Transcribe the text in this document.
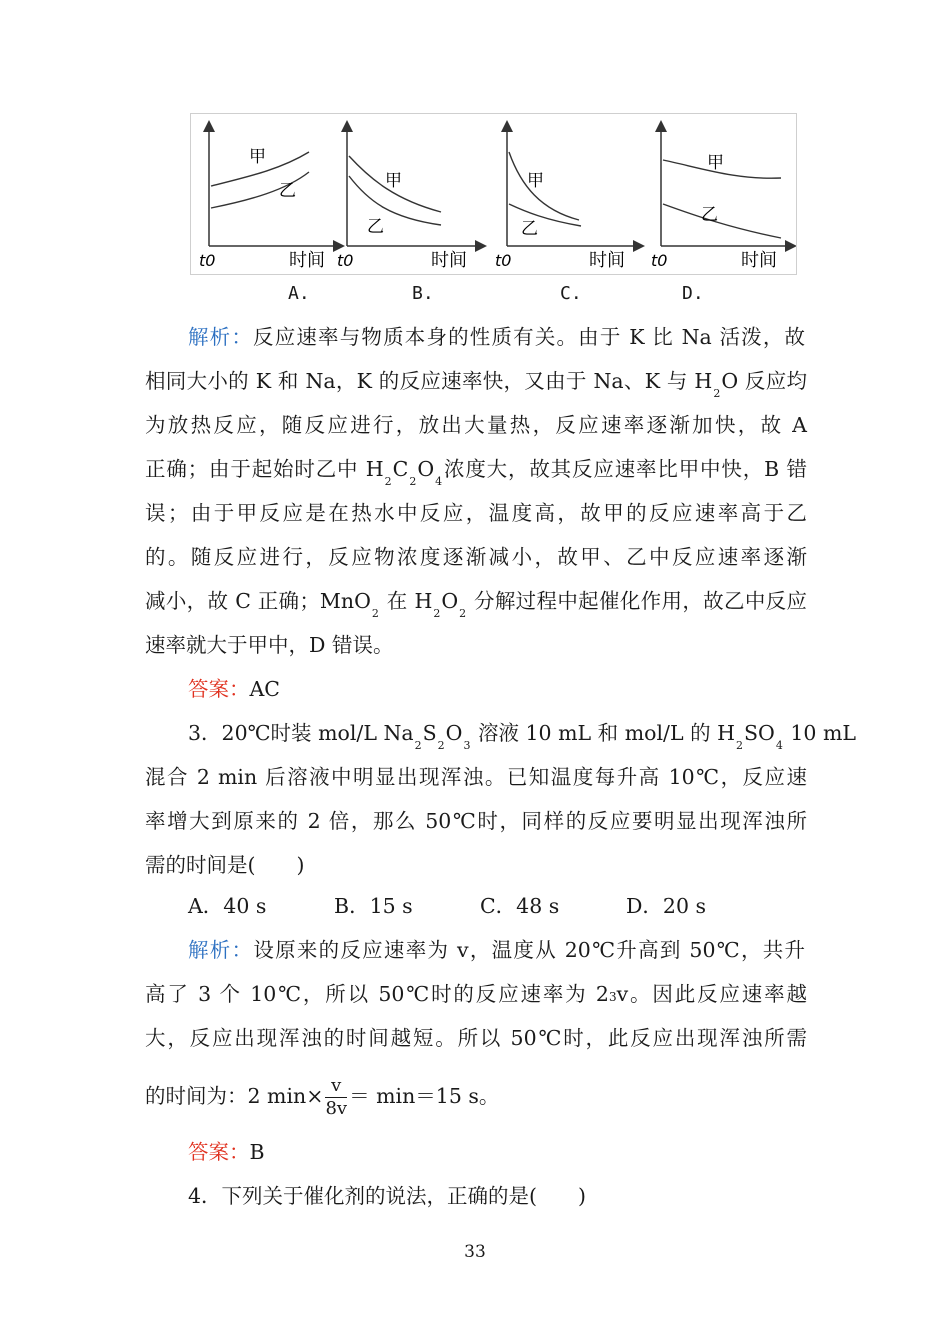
甲
乙
时间
t0
甲
乙
时间
t0
甲
乙
时间
t0
甲
乙
时间
t0
A.	B.	C.	D.
解析：反应速率与物质本身的性质有关。由于 K 比 Na 活泼，故
相同大小的 K 和 Na，K 的反应速率快，又由于 Na、K 与 $H_2O$ 反应均
为放热反应，随反应进行，放出大量热，反应速率逐渐加快，故 A
正确；由于起始时乙中 $H_2C_2O_4$浓度大，故其反应速率比甲中快，B 错
误；由于甲反应是在热水中反应，温度高，故甲的反应速率高于乙
的。随反应进行，反应物浓度逐渐减小，故甲、乙中反应速率逐渐
减小，故 C 正确；MnO$_2$ 在 $H_2O_2$ 分解过程中起催化作用，故乙中反应
速率就大于甲中，D 错误。
答案：AC
3．20℃时装 mol/L $Na_2S_2O_3$ 溶液 10 mL 和 mol/L 的 $H_2SO_4$ 10 mL
混合 2 min 后溶液中明显出现浑浊。已知温度每升高 10℃，反应速
率增大到原来的 2 倍，那么 50℃时，同样的反应要明显出现浑浊所
需的时间是(　　)
A．40 s	B．15 s	C．48 s	D．20 s
解析：设原来的反应速率为 v，温度从 20℃升高到 50℃，共升
高了 3 个 10℃，所以 50℃时的反应速率为 23v。因此反应速率越
大，反应出现浑浊的时间越短。所以 50℃时，此反应出现浑浊所需
的时间为：2 $\min\times \frac{v}{8v} = \min=15$ s。
答案：B
4．下列关于催化剂的说法，正确的是(　　)
33
